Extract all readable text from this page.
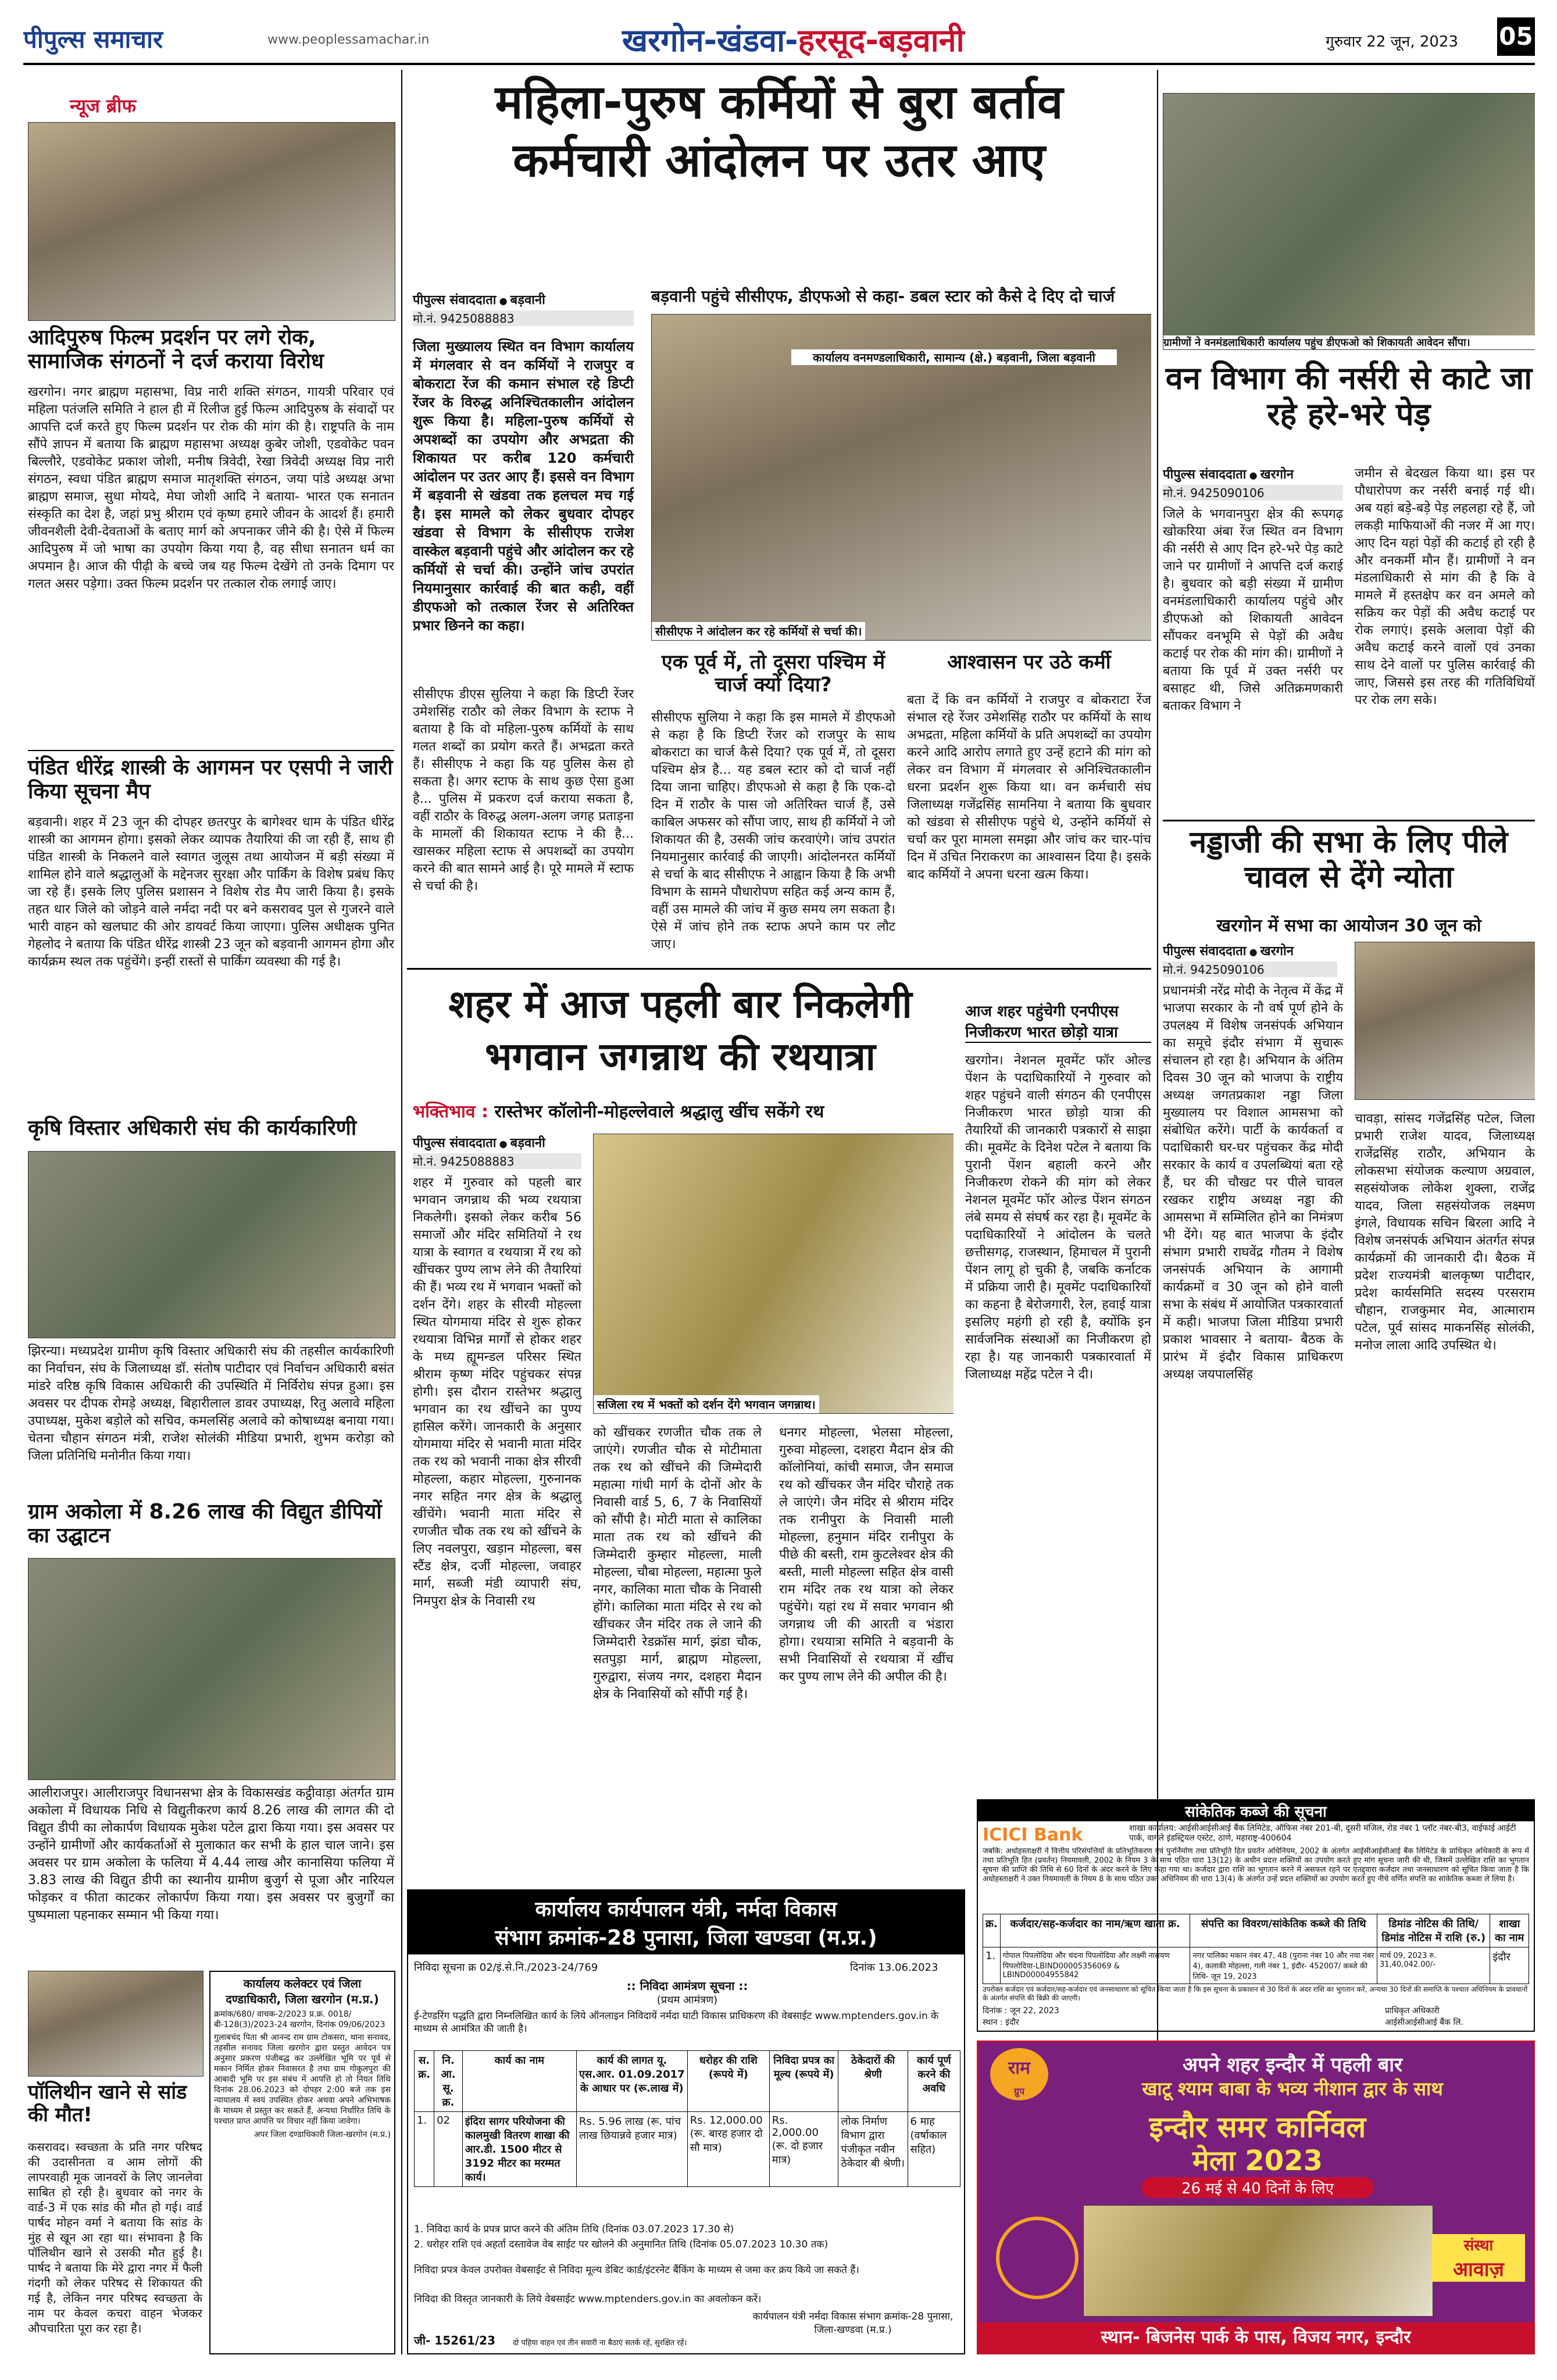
पीपुल्स समाचार	www.peoplessamachar.in	खरगोन-खंडवा-हरसूद-बड़वानी	गुरुवार 22 जून, 2023 05
न्यूज ब्रीफ
आदिपुरुष फिल्म प्रदर्शन पर लगे रोक, सामाजिक संगठनों ने दर्ज कराया विरोध
खरगोन। नगर ब्राह्मण महासभा, विप्र नारी शक्ति संगठन, गायत्री परिवार एवं महिला पतंजलि समिति ने हाल ही में रिलीज हुई फिल्म आदिपुरुष के संवादों पर आपत्ति दर्ज करते हुए फिल्म प्रदर्शन पर रोक की मांग की है। राष्ट्रपति के नाम सौंपे ज्ञापन में बताया कि ब्राह्मण महासभा अध्यक्ष कुबेर जोशी, एडवोकेट पवन बिल्लौरे, एडवोकेट प्रकाश जोशी, मनीष त्रिवेदी, रेखा त्रिवेदी अध्यक्ष विप्र नारी संगठन, स्वधा पंडित ब्राह्मण समाज मातृशक्ति संगठन, जया पांडे अध्यक्ष अभा ब्राह्मण समाज, सुधा मोयदे, मेघा जोशी आदि ने बताया- भारत एक सनातन संस्कृति का देश है, जहां प्रभु श्रीराम एवं कृष्ण हमारे जीवन के आदर्श हैं। हमारी जीवनशैली देवी-देवताओं के बताए मार्ग को अपनाकर जीने की है। ऐसे में फिल्म आदिपुरुष में जो भाषा का उपयोग किया गया है, वह सीधा सनातन धर्म का अपमान है। आज की पीढ़ी के बच्चे जब यह फिल्म देखेंगे तो उनके दिमाग पर गलत असर पड़ेगा। उक्त फिल्म प्रदर्शन पर तत्काल रोक लगाई जाए।
पंडित धीरेंद्र शास्त्री के आगमन पर एसपी ने जारी किया सूचना मैप
बड़वानी। शहर में 23 जून की दोपहर छतरपुर के बागेश्वर धाम के पंडित धीरेंद्र शास्त्री का आगमन होगा। इसको लेकर व्यापक तैयारियां की जा रही हैं, साथ ही पंडित शास्त्री के निकलने वाले स्वागत जुलूस तथा आयोजन में बड़ी संख्या में शामिल होने वाले श्रद्धालुओं के मद्देनजर सुरक्षा और पार्किंग के विशेष प्रबंध किए जा रहे हैं। इसके लिए पुलिस प्रशासन ने विशेष रोड मैप जारी किया है। इसके तहत धार जिले को जोड़ने वाले नर्मदा नदी पर बने कसरावद पुल से गुजरने वाले भारी वाहन को खलघाट की ओर डायवर्ट किया जाएगा। पुलिस अधीक्षक पुनित गेहलोद ने बताया कि पंडित धीरेंद्र शास्त्री 23 जून को बड़वानी आगमन होगा और कार्यक्रम स्थल तक पहुंचेंगे। इन्हीं रास्तों से पार्किंग व्यवस्था की गई है।
कृषि विस्तार अधिकारी संघ की कार्यकारिणी
झिरन्या। मध्यप्रदेश ग्रामीण कृषि विस्तार अधिकारी संघ की तहसील कार्यकारिणी का निर्वाचन, संघ के जिलाध्यक्ष डॉ. संतोष पाटीदार एवं निर्वाचन अधिकारी बसंत मांडरे वरिष्ठ कृषि विकास अधिकारी की उपस्थिति में निर्विरोध संपन्न हुआ। इस अवसर पर दीपक रोमड़े अध्यक्ष, बिहारीलाल डावर उपाध्यक्ष, रितु अलावे महिला उपाध्यक्ष, मुकेश बड़ोले को सचिव, कमलसिंह अलावे को कोषाध्यक्ष बनाया गया। चेतना चौहान संगठन मंत्री, राजेश सोलंकी मीडिया प्रभारी, शुभम करोड़ा को जिला प्रतिनिधि मनोनीत किया गया।
ग्राम अकोला में 8.26 लाख की विद्युत डीपियों का उद्घाटन
आलीराजपुर। आलीराजपुर विधानसभा क्षेत्र के विकासखंड कट्ठीवाड़ा अंतर्गत ग्राम अकोला में विधायक निधि से विद्युतीकरण कार्य 8.26 लाख की लागत की दो विद्युत डीपी का लोकार्पण विधायक मुकेश पटेल द्वारा किया गया। इस अवसर पर उन्होंने ग्रामीणों और कार्यकर्ताओं से मुलाकात कर सभी के हाल चाल जाने। इस अवसर पर ग्राम अकोला के फलिया में 4.44 लाख और कानासिया फलिया में 3.83 लाख की विद्युत डीपी का स्थानीय ग्रामीण बुजुर्ग से पूजा और नारियल फोड़कर व फीता काटकर लोकार्पण किया गया। इस अवसर पर बुजुर्गों का पुष्पमाला पहनाकर सम्मान भी किया गया।
पॉलिथीन खाने से सांड की मौत!
कसरावद। स्वच्छता के प्रति नगर परिषद की उदासीनता व आम लोगों की लापरवाही मूक जानवरों के लिए जानलेवा साबित हो रही है। बुधवार को नगर के वार्ड-3 में एक सांड की मौत हो गई। वार्ड पार्षद मोहन वर्मा ने बताया कि सांड के मुंह से खून आ रहा था। संभावना है कि पॉलिथीन खाने से उसकी मौत हुई है। पार्षद ने बताया कि मेरे द्वारा नगर में फैली गंदगी को लेकर परिषद से शिकायत की गई है, लेकिन नगर परिषद स्वच्छता के नाम पर केवल कचरा वाहन भेजकर औपचारिता पूरा कर रहा है।
कार्यालय कलेक्टर एवं जिला
दण्डाधिकारी, जिला खरगोन (म.प्र.)
क्रमांक/680/ वाचक-2/2023 प्र.क्र. 0018/बी-128(3)/2023-24 खरगोन, दिनांक 09/06/2023
गुलाबचंद पिता श्री आनन्द राम ग्राम टोकसरा, थाना सनावद, तहसील सनावद जिला खरगोन द्वारा प्रस्तुत आवेदन पत्र अनुसार प्रकरण पंजीबद्ध कर उल्लेखित भूमि पर पूर्व से मकान निर्मित होकर निवासरत है तथा ग्राम गोकुलपुरा की आबादी भूमि पर इस संबंध में आपत्ति हो तो नियत तिथि दिनांक 28.06.2023 को दोपहर 2:00 बजे तक इस न्यायालय में स्वयं उपस्थित होकर अथवा अपने अभिभाषक के माध्यम से प्रस्तुत कर सकते हैं, अन्यथा निर्धारित तिथि के पश्चात प्राप्त आपत्ति पर विचार नहीं किया जावेगा।
अपर जिला दण्डाधिकारी जिला-खरगोन (म.प्र.)
महिला-पुरुष कर्मियों से बुरा बर्ताव
कर्मचारी आंदोलन पर उतर आए
पीपुल्स संवाददाता ● बड़वानी
मो.नं. 9425088883
जिला मुख्यालय स्थित वन विभाग कार्यालय में मंगलवार से वन कर्मियों ने राजपुर व बोकराटा रेंज की कमान संभाल रहे डिप्टी रेंजर के विरुद्ध अनिश्चितकालीन आंदोलन शुरू किया है। महिला-पुरुष कर्मियों से अपशब्दों का उपयोग और अभद्रता की शिकायत पर करीब 120 कर्मचारी आंदोलन पर उतर आए हैं। इससे वन विभाग में बड़वानी से खंडवा तक हलचल मच गई है। इस मामले को लेकर बुधवार दोपहर खंडवा से विभाग के सीसीएफ राजेश वास्केल बड़वानी पहुंचे और आंदोलन कर रहे कर्मियों से चर्चा की। उन्होंने जांच उपरांत नियमानुसार कार्रवाई की बात कही, वहीं डीएफओ को तत्काल रेंजर से अतिरिक्त प्रभार छिनने का कहा।
सीसीएफ डीएस सुलिया ने कहा कि डिप्टी रेंजर उमेशसिंह राठौर को लेकर विभाग के स्टाफ ने बताया है कि वो महिला-पुरुष कर्मियों के साथ गलत शब्दों का प्रयोग करते हैं। अभद्रता करते हैं। सीसीएफ ने कहा कि यह पुलिस केस हो सकता है। अगर स्टाफ के साथ कुछ ऐसा हुआ है... पुलिस में प्रकरण दर्ज कराया सकता है, वहीं राठौर के विरुद्ध अलग-अलग जगह प्रताड़ना के मामलों की शिकायत स्टाफ ने की है... खासकर महिला स्टाफ से अपशब्दों का उपयोग करने की बात सामने आई है। पूरे मामले में स्टाफ से चर्चा की है।
बड़वानी पहुंचे सीसीएफ, डीएफओ से कहा- डबल स्टार को कैसे दे दिए दो चार्ज
कार्यालय वनमण्डलाधिकारी, सामान्य (क्षे.) बड़वानी, जिला बड़वानी
सीसीएफ ने आंदोलन कर रहे कर्मियों से चर्चा की।
एक पूर्व में, तो दूसरा पश्चिम में चार्ज क्यों दिया?
सीसीएफ सुलिया ने कहा कि इस मामले में डीएफओ से कहा है कि डिप्टी रेंजर को राजपुर के साथ बोकराटा का चार्ज कैसे दिया? एक पूर्व में, तो दूसरा पश्चिम क्षेत्र है... यह डबल स्टार को दो चार्ज नहीं दिया जाना चाहिए। डीएफओ से कहा है कि एक-दो दिन में राठौर के पास जो अतिरिक्त चार्ज हैं, उसे काबिल अफसर को सौंपा जाए, साथ ही कर्मियों ने जो शिकायत की है, उसकी जांच करवाएंगे। जांच उपरांत नियमानुसार कार्रवाई की जाएगी। आंदोलनरत कर्मियों से चर्चा के बाद सीसीएफ ने आह्वान किया है कि अभी विभाग के सामने पौधारोपण सहित कई अन्य काम हैं, वहीं उस मामले की जांच में कुछ समय लग सकता है। ऐसे में जांच होने तक स्टाफ अपने काम पर लौट जाए।
आश्वासन पर उठे कर्मी
बता दें कि वन कर्मियों ने राजपुर व बोकराटा रेंज संभाल रहे रेंजर उमेशसिंह राठौर पर कर्मियों के साथ अभद्रता, महिला कर्मियों के प्रति अपशब्दों का उपयोग करने आदि आरोप लगाते हुए उन्हें हटाने की मांग को लेकर वन विभाग में मंगलवार से अनिश्चितकालीन धरना प्रदर्शन शुरू किया था। वन कर्मचारी संघ जिलाध्यक्ष गजेंद्रसिंह सामनिया ने बताया कि बुधवार को खंडवा से सीसीएफ पहुंचे थे, उन्होंने कर्मियों से चर्चा कर पूरा मामला समझा और जांच कर चार-पांच दिन में उचित निराकरण का आश्वासन दिया है। इसके बाद कर्मियों ने अपना धरना खत्म किया।
ग्रामीणों ने वनमंडलाधिकारी कार्यालय पहुंच डीएफओ को शिकायती आवेदन सौंपा।
वन विभाग की नर्सरी से काटे जा रहे हरे-भरे पेड़
पीपुल्स संवाददाता ● खरगोन
मो.नं. 9425090106
जिले के भगवानपुरा क्षेत्र की रूपगढ़ खोकरिया अंबा रेंज स्थित वन विभाग की नर्सरी से आए दिन हरे-भरे पेड़ काटे जाने पर ग्रामीणों ने आपत्ति दर्ज कराई है। बुधवार को बड़ी संख्या में ग्रामीण वनमंडलाधिकारी कार्यालय पहुंचे और डीएफओ को शिकायती आवेदन सौंपकर वनभूमि से पेड़ों की अवैध कटाई पर रोक की मांग की। ग्रामीणों ने बताया कि पूर्व में उक्त नर्सरी पर बसाहट थी, जिसे अतिक्रमणकारी बताकर विभाग ने
जमीन से बेदखल किया था। इस पर पौधारोपण कर नर्सरी बनाई गई थी। अब यहां बड़े-बड़े पेड़ लहलहा रहे हैं, जो लकड़ी माफियाओं की नजर में आ गए। आए दिन यहां पेड़ों की कटाई हो रही है और वनकर्मी मौन हैं। ग्रामीणों ने वन मंडलाधिकारी से मांग की है कि वे मामले में हस्तक्षेप कर वन अमले को सक्रिय कर पेड़ों की अवैध कटाई पर रोक लगाएं। इसके अलावा पेड़ों की अवैध कटाई करने वालों एवं उनका साथ देने वालों पर पुलिस कार्रवाई की जाए, जिससे इस तरह की गतिविधियों पर रोक लग सके।
नड्डाजी की सभा के लिए पीले चावल से देंगे न्योता
खरगोन में सभा का आयोजन 30 जून को
पीपुल्स संवाददाता ● खरगोन
मो.नं. 9425090106
प्रधानमंत्री नरेंद्र मोदी के नेतृत्व में केंद्र में भाजपा सरकार के नौ वर्ष पूर्ण होने के उपलक्ष्य में विशेष जनसंपर्क अभियान का समूचे इंदौर संभाग में सुचारू संचालन हो रहा है। अभियान के अंतिम दिवस 30 जून को भाजपा के राष्ट्रीय अध्यक्ष जगतप्रकाश नड्डा जिला मुख्यालय पर विशाल आमसभा को संबोधित करेंगे। पार्टी के कार्यकर्ता व पदाधिकारी घर-घर पहुंचकर केंद्र मोदी सरकार के कार्य व उपलब्धियां बता रहे हैं, घर की चौखट पर पीले चावल रखकर राष्ट्रीय अध्यक्ष नड्डा की आमसभा में सम्मिलित होने का निमंत्रण भी देंगे। यह बात भाजपा के इंदौर संभाग प्रभारी राघवेंद्र गौतम ने विशेष जनसंपर्क अभियान के आगामी कार्यक्रमों व 30 जून को होने वाली सभा के संबंध में आयोजित पत्रकारवार्ता में कही। भाजपा जिला मीडिया प्रभारी प्रकाश भावसार ने बताया- बैठक के प्रारंभ में इंदौर विकास प्राधिकरण अध्यक्ष जयपालसिंह
चावड़ा, सांसद गजेंद्रसिंह पटेल, जिला प्रभारी राजेश यादव, जिलाध्यक्ष राजेंद्रसिंह राठौर, अभियान के लोकसभा संयोजक कल्याण अग्रवाल, सहसंयोजक लोकेश शुक्ला, राजेंद्र यादव, जिला सहसंयोजक लक्ष्मण इंगले, विधायक सचिन बिरला आदि ने विशेष जनसंपर्क अभियान अंतर्गत संपन्न कार्यक्रमों की जानकारी दी। बैठक में प्रदेश राज्यमंत्री बालकृष्ण पाटीदार, प्रदेश कार्यसमिति सदस्य परसराम चौहान, राजकुमार मेव, आत्माराम पटेल, पूर्व सांसद माकनसिंह सोलंकी, मनोज लाला आदि उपस्थित थे।
शहर में आज पहली बार निकलेगी
भगवान जगन्नाथ की रथयात्रा
भक्तिभाव : रास्तेभर कॉलोनी-मोहल्लेवाले श्रद्धालु खींच सकेंगे रथ
पीपुल्स संवाददाता ● बड़वानी
मो.नं. 9425088883
सजिला रथ में भक्तों को दर्शन देंगे भगवान जगन्नाथ।
शहर में गुरुवार को पहली बार भगवान जगन्नाथ की भव्य रथयात्रा निकलेगी। इसको लेकर करीब 56 समाजों और मंदिर समितियों ने रथ यात्रा के स्वागत व रथयात्रा में रथ को खींचकर पुण्य लाभ लेने की तैयारियां की हैं। भव्य रथ में भगवान भक्तों को दर्शन देंगे। शहर के सीरवी मोहल्ला स्थित योगमाया मंदिर से शुरू होकर रथयात्रा विभिन्न मार्गों से होकर शहर के मध्य ह्यूमन्डल परिसर स्थित श्रीराम कृष्ण मंदिर पहुंचकर संपन्न होगी। इस दौरान रास्तेभर श्रद्धालु भगवान का रथ खींचने का पुण्य हासिल करेंगे। जानकारी के अनुसार योगमाया मंदिर से भवानी माता मंदिर तक रथ को भवानी नाका क्षेत्र सीरवी मोहल्ला, कहार मोहल्ला, गुरुनानक नगर सहित नगर क्षेत्र के श्रद्धालु खींचेंगे। भवानी माता मंदिर से रणजीत चौक तक रथ को खींचने के लिए नवलपुरा, खड़ान मोहल्ला, बस स्टैंड क्षेत्र, दर्जी मोहल्ला, जवाहर मार्ग, सब्जी मंडी व्यापारी संघ, निमपुरा क्षेत्र के निवासी रथ
को खींचकर रणजीत चौक तक ले जाएंगे। रणजीत चौक से मोटीमाता तक रथ को खींचने की जिम्मेदारी महात्मा गांधी मार्ग के दोनों ओर के निवासी वार्ड 5, 6, 7 के निवासियों को सौंपी है। मोटी माता से कालिका माता तक रथ को खींचने की जिम्मेदारी कुम्हार मोहल्ला, माली मोहल्ला, चौबा मोहल्ला, महात्मा फुले नगर, कालिका माता चौक के निवासी होंगे। कालिका माता मंदिर से रथ को खींचकर जैन मंदिर तक ले जाने की जिम्मेदारी रेडक्रॉस मार्ग, झंडा चौक, सतपुड़ा मार्ग, ब्राह्मण मोहल्ला, गुरुद्वारा, संजय नगर, दशहरा मैदान क्षेत्र के निवासियों को सौंपी गई है।
धनगर मोहल्ला, भेलसा मोहल्ला, गुरुवा मोहल्ला, दशहरा मैदान क्षेत्र की कॉलोनियां, कांची समाज, जैन समाज रथ को खींचकर जैन मंदिर चौराहे तक ले जाएंगे। जैन मंदिर से श्रीराम मंदिर तक रानीपुरा के निवासी माली मोहल्ला, हनुमान मंदिर रानीपुरा के पीछे की बस्ती, राम कुटलेश्वर क्षेत्र की बस्ती, माली मोहल्ला सहित क्षेत्र वासी राम मंदिर तक रथ यात्रा को लेकर पहुंचेंगे। यहां रथ में सवार भगवान श्री जगन्नाथ जी की आरती व भंडारा होगा। रथयात्रा समिति ने बड़वानी के सभी निवासियों से रथयात्रा में खींच कर पुण्य लाभ लेने की अपील की है।
आज शहर पहुंचेगी एनपीएस निजीकरण भारत छोड़ो यात्रा
खरगोन। नेशनल मूवमेंट फॉर ओल्ड पेंशन के पदाधिकारियों ने गुरुवार को शहर पहुंचने वाली संगठन की एनपीएस निजीकरण भारत छोड़ो यात्रा की तैयारियों की जानकारी पत्रकारों से साझा की। मूवमेंट के दिनेश पटेल ने बताया कि पुरानी पेंशन बहाली करने और निजीकरण रोकने की मांग को लेकर नेशनल मूवमेंट फॉर ओल्ड पेंशन संगठन लंबे समय से संघर्ष कर रहा है। मूवमेंट के पदाधिकारियों ने आंदोलन के चलते छत्तीसगढ़, राजस्थान, हिमाचल में पुरानी पेंशन लागू हो चुकी है, जबकि कर्नाटक में प्रक्रिया जारी है। मूवमेंट पदाधिकारियों का कहना है बेरोजगारी, रेल, हवाई यात्रा इसलिए महंगी हो रही है, क्योंकि इन सार्वजनिक संस्थाओं का निजीकरण हो रहा है। यह जानकारी पत्रकारवार्ता में जिलाध्यक्ष महेंद्र पटेल ने दी।
सांकेतिक कब्जे की सूचना
ICICI Bank	शाखा कार्यालय: आईसीआईसीआई बैंक लिमिटेड, ऑफिस नंबर 201-बी, दूसरी मंजिल, रोड नंबर 1 प्लॉट नंबर-बी3, वाईफाई आईटी पार्क, वागले इंडस्ट्रियल एस्टेट, ठाणे, महाराष्ट्र-400604
जबकि: अधोहस्ताक्षरी ने वित्तीय परिसंपत्तियों के प्रतिभूतिकरण एवं पुनर्निर्माण तथा प्रतिभूति हित प्रवर्तन अधिनियम, 2002 के अंतर्गत आईसीआईसीआई बैंक लिमिटेड के प्राधिकृत अधिकारी के रूप में तथा प्रतिभूति हित (प्रवर्तन) नियमावली, 2002 के नियम 3 के साथ पठित धारा 13(12) के अधीन प्रदत्त शक्तियों का उपयोग करते हुए मांग सूचना जारी की थी, जिसमें उल्लेखित राशि का भुगतान सूचना की प्राप्ति की तिथि से 60 दिनों के अंदर करने के लिए कहा गया था। कर्जदार द्वारा राशि का भुगतान करने में असफल रहने पर एतद्द्वारा कर्जदार तथा जनसाधारण को सूचित किया जाता है कि अधोहस्ताक्षरी ने उक्त नियमावली के नियम 8 के साथ पठित उक्त अधिनियम की धारा 13(4) के अंतर्गत उन्हें प्रदत्त शक्तियों का उपयोग करते हुए नीचे वर्णित संपत्ति का सांकेतिक कब्जा ले लिया है।
क्र.	कर्जदार/सह-कर्जदार का नाम/ऋण खाता क्र.	संपत्ति का विवरण/सांकेतिक कब्जे की तिथि	डिमांड नोटिस की तिथि/डिमांड नोटिस में राशि (रु.)	शाखा का नाम
1.	गोपाल पिपलोदिया और चंदना पिपलोदिया और लक्ष्मी नारायण पिपलोदिया-LBIND00005356069 & LBIND00004955842	नगर पालिका मकान नंबर 47, 48 (पुराना नंबर 10 और नया नंबर 4), कलाकी मोहल्ला, गली नंबर 1, इंदौर- 452007/ कब्जे की तिथि- जून 19, 2023	मार्च 09, 2023 रु. 31,40,042.00/-	इंदौर
उपरोक्त कर्जदार एवं कर्जदार/सह-कर्जदार एवं जनसाधारण को सूचित किया जाता है कि इस सूचना के प्रकाशन से 30 दिनों के अंदर राशि का भुगतान करें, अन्यथा 30 दिनों की समाप्ति के पश्चात अधिनियम के प्रावधानों के अंतर्गत संपत्ति की बिक्री की जाएगी।
दिनांक : जून 22, 2023
स्थान : इंदौर
प्राधिकृत अधिकारी
आईसीआईसीआई बैंक लि.
कार्यालय कार्यपालन यंत्री, नर्मदा विकास
संभाग क्रमांक-28 पुनासा, जिला खण्डवा (म.प्र.)
निविदा सूचना क्र 02/इं.से.नि./2023-24/769	दिनांक 13.06.2023
:: निविदा आमंत्रण सूचना ::
(प्रथम आमंत्रण)
ई-टेण्डरिंग पद्धति द्वारा निम्नलिखित कार्य के लिये ऑनलाइन निविदायें नर्मदा घाटी विकास प्राधिकरण की वेबसाईट www.mptenders.gov.in के माध्यम से आमंत्रित की जाती है।
स. क्र.	नि. आ. सू. क्र.	कार्य का नाम	कार्य की लागत यू. एस.आर. 01.09.2017 के आधार पर (रू.लाख में)	धरोहर की राशि (रूपये में)	निविदा प्रपत्र का मूल्य (रूपये में)	ठेकेदारों की श्रेणी	कार्य पूर्ण करने की अवधि
1.	02	इंदिरा सागर परियोजना की कालमुखी वितरण शाखा की आर.डी. 1500 मीटर से 3192 मीटर का मरम्मत कार्य।	Rs. 5.96 लाख (रू. पांच लाख छियान्नवे हजार मात्र)	Rs. 12,000.00 (रू. बारह हजार दो सौ मात्र)	Rs. 2,000.00 (रू. दो हजार मात्र)	लोक निर्माण विभाग द्वारा पंजीकृत नवीन ठेकेदार बी श्रेणी।	6 माह (वर्षाकाल सहित)
1. निविदा कार्य के प्रपत्र प्राप्त करने की अंतिम तिथि (दिनांक 03.07.2023 17.30 से)
2. धरोहर राशि एवं अहर्ता दस्तावेज वेब साईट पर खोलने की अनुमानित तिथि (दिनांक 05.07.2023 10.30 तक)
निविदा प्रपत्र केवल उपरोक्त वेबसाईट से निविदा मूल्य डेबिट कार्ड/इंटरनेट बैंकिंग के माध्यम से जमा कर क्रय किये जा सकते हैं।
निविदा की विस्तृत जानकारी के लिये वेबसाईट www.mptenders.gov.in का अवलोकन करें।
कार्यपालन यंत्री नर्मदा विकास संभाग क्रमांक-28 पुनासा, जिला-खण्डवा (म.प्र.)
जी- 15261/23 दो पहिया वाहन एवं तीन सवारी ना बैठाएं सतर्क रहें, सुरक्षित रहें।
राम
ग्रुप
अपने शहर इन्दौर में पहली बार
खाटू श्याम बाबा के भव्य नीशान द्वार के साथ
इन्दौर समर कार्निवल
मेला 2023
26 मई से 40 दिनों के लिए
संस्था
आवाज़
स्थान- बिजनेस पार्क के पास, विजय नगर, इन्दौर
